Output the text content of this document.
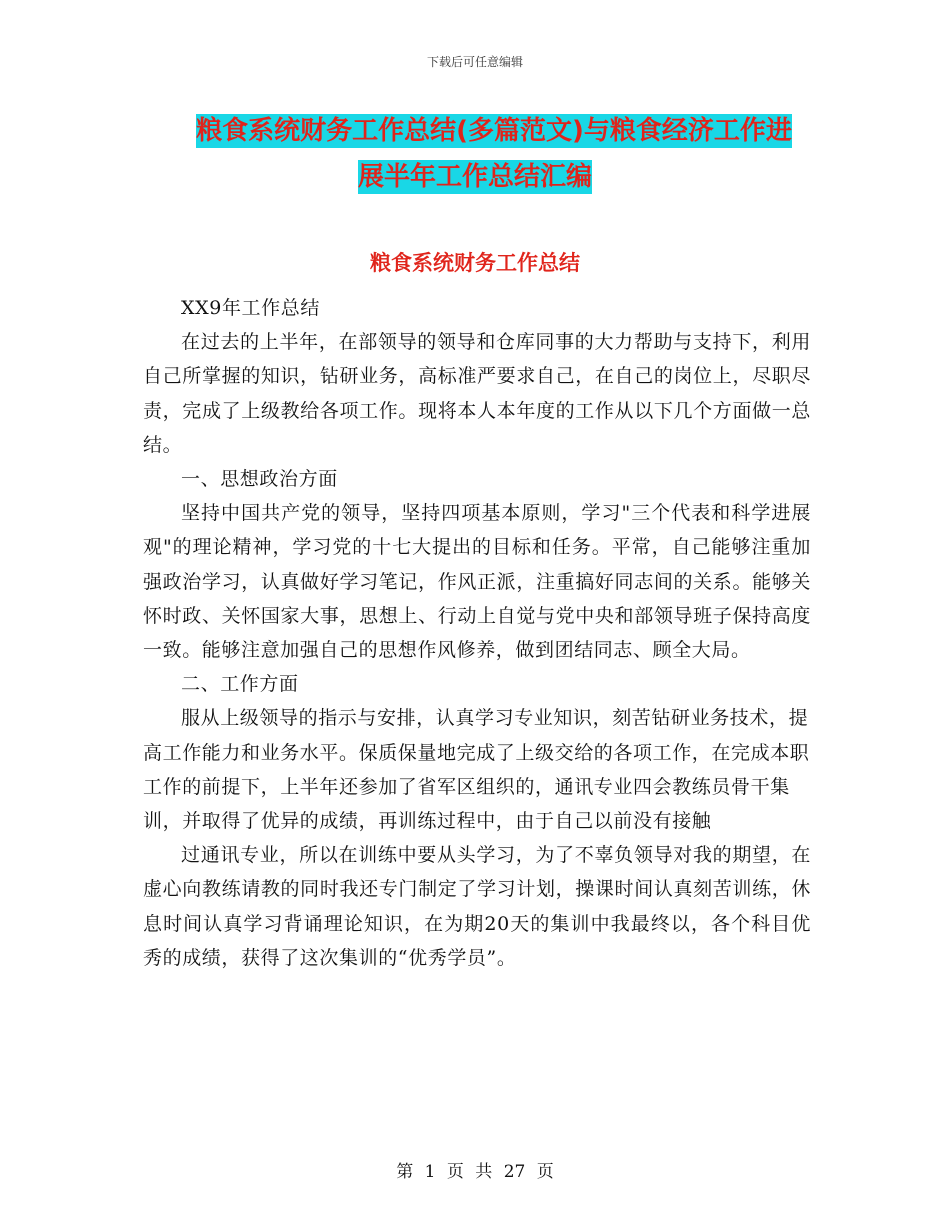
下载后可任意编辑
粮食系统财务工作总结(多篇范文)与粮食经济工作进
展半年工作总结汇编
粮食系统财务工作总结

XX9年工作总结

在过去的上半年，在部领导的领导和仓库同事的大力帮助与支持下，利用自己所掌握的知识，钻研业务，高标准严要求自己，在自己的岗位上，尽职尽责，完成了上级教给各项工作。现将本人本年度的工作从以下几个方面做一总结。

一、思想政治方面

坚持中国共产党的领导，坚持四项基本原则，学习"三个代表和科学进展观"的理论精神，学习党的十七大提出的目标和任务。平常，自己能够注重加强政治学习，认真做好学习笔记，作风正派，注重搞好同志间的关系。能够关怀时政、关怀国家大事，思想上、行动上自觉与党中央和部领导班子保持高度一致。能够注意加强自己的思想作风修养，做到团结同志、顾全大局。

二、工作方面

服从上级领导的指示与安排，认真学习专业知识，刻苦钻研业务技术，提高工作能力和业务水平。保质保量地完成了上级交给的各项工作，在完成本职工作的前提下，上半年还参加了省军区组织的，通讯专业四会教练员骨干集训，并取得了优异的成绩，再训练过程中，由于自己以前没有接触

过通讯专业，所以在训练中要从头学习，为了不辜负领导对我的期望，在虚心向教练请教的同时我还专门制定了学习计划，操课时间认真刻苦训练，休息时间认真学习背诵理论知识，在为期20天的集训中我最终以，各个科目优秀的成绩，获得了这次集训的“优秀学员”。

第 1 页 共 27 页
